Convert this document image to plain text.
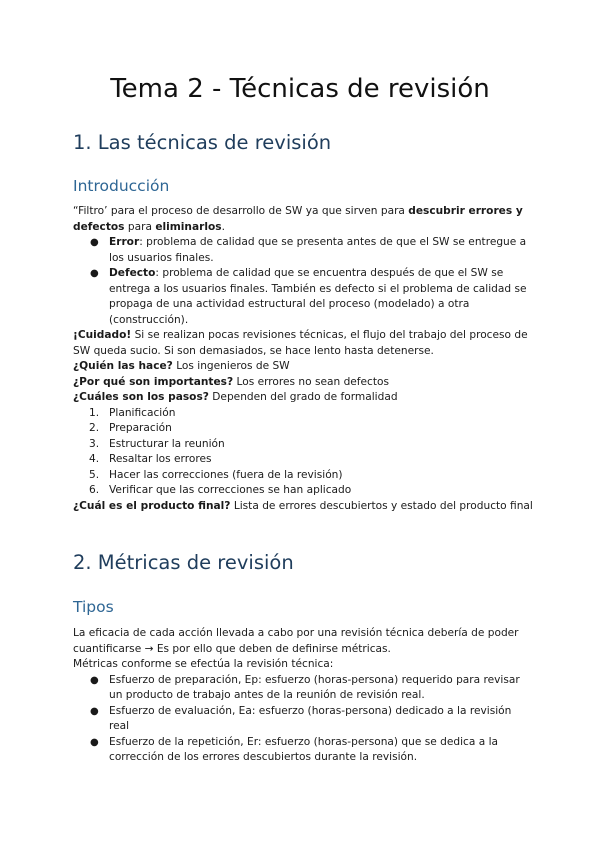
Tema 2 - Técnicas de revisión
1. Las técnicas de revisión
Introducción

“Filtro’ para el proceso de desarrollo de SW ya que sirven para descubrir errores y defectos para eliminarlos.

● Error: problema de calidad que se presenta antes de que el SW se entregue a los usuarios finales.
● Defecto: problema de calidad que se encuentra después de que el SW se entrega a los usuarios finales. También es defecto si el problema de calidad se propaga de una actividad estructural del proceso (modelado) a otra (construcción).

¡Cuidado! Si se realizan pocas revisiones técnicas, el flujo del trabajo del proceso de SW queda sucio. Si son demasiados, se hace lento hasta detenerse.

¿Quién las hace? Los ingenieros de SW

¿Por qué son importantes? Los errores no sean defectos

¿Cuáles son los pasos? Dependen del grado de formalidad

1. Planificación
2. Preparación
3. Estructurar la reunión
4. Resaltar los errores
5. Hacer las correcciones (fuera de la revisión)
6. Verificar que las correcciones se han aplicado

¿Cuál es el producto final? Lista de errores descubiertos y estado del producto final

2. Métricas de revisión
Tipos

La eficacia de cada acción llevada a cabo por una revisión técnica debería de poder cuantificarse → Es por ello que deben de definirse métricas.

Métricas conforme se efectúa la revisión técnica:

● Esfuerzo de preparación, Ep: esfuerzo (horas-persona) requerido para revisar un producto de trabajo antes de la reunión de revisión real.
● Esfuerzo de evaluación, Ea: esfuerzo (horas-persona) dedicado a la revisión real
● Esfuerzo de la repetición, Er: esfuerzo (horas-persona) que se dedica a la corrección de los errores descubiertos durante la revisión.
